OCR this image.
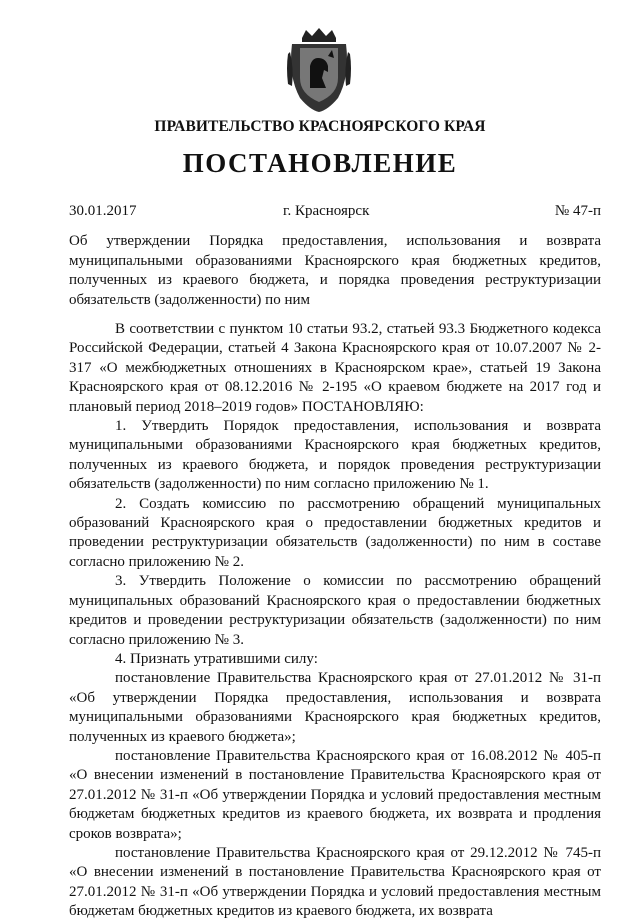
ПРАВИТЕЛЬСТВО КРАСНОЯРСКОГО КРАЯ
ПОСТАНОВЛЕНИЕ
30.01.2017	г. Красноярск	№ 47-п
Об утверждении Порядка предоставления, использования и возврата муниципальными образованиями Красноярского края бюджетных кредитов, полученных из краевого бюджета, и порядка проведения реструктуризации обязательств (задолженности) по ним

В соответствии с пунктом 10 статьи 93.2, статьей 93.3 Бюджетного кодекса Российской Федерации, статьей 4 Закона Красноярского края от 10.07.2007 № 2-317 «О межбюджетных отношениях в Красноярском крае», статьей 19 Закона Красноярского края от 08.12.2016 № 2-195 «О краевом бюджете на 2017 год и плановый период 2018–2019 годов» ПОСТАНОВЛЯЮ:

1. Утвердить Порядок предоставления, использования и возврата муниципальными образованиями Красноярского края бюджетных кредитов, полученных из краевого бюджета, и порядок проведения реструктуризации обязательств (задолженности) по ним согласно приложению № 1.

2. Создать комиссию по рассмотрению обращений муниципальных образований Красноярского края о предоставлении бюджетных кредитов и проведении реструктуризации обязательств (задолженности) по ним в составе согласно приложению № 2.

3. Утвердить Положение о комиссии по рассмотрению обращений муниципальных образований Красноярского края о предоставлении бюджетных кредитов и проведении реструктуризации обязательств (задолженности) по ним согласно приложению № 3.

4. Признать утратившими силу:

постановление Правительства Красноярского края от 27.01.2012 № 31-п «Об утверждении Порядка предоставления, использования и возврата муниципальными образованиями Красноярского края бюджетных кредитов, полученных из краевого бюджета»;

постановление Правительства Красноярского края от 16.08.2012 № 405-п «О внесении изменений в постановление Правительства Красноярского края от 27.01.2012 № 31-п «Об утверждении Порядка и условий предоставления местным бюджетам бюджетных кредитов из краевого бюджета, их возврата и продления сроков возврата»;

постановление Правительства Красноярского края от 29.12.2012 № 745-п «О внесении изменений в постановление Правительства Красноярского края от 27.01.2012 № 31-п «Об утверждении Порядка и условий предоставления местным бюджетам бюджетных кредитов из краевого бюджета, их возврата
